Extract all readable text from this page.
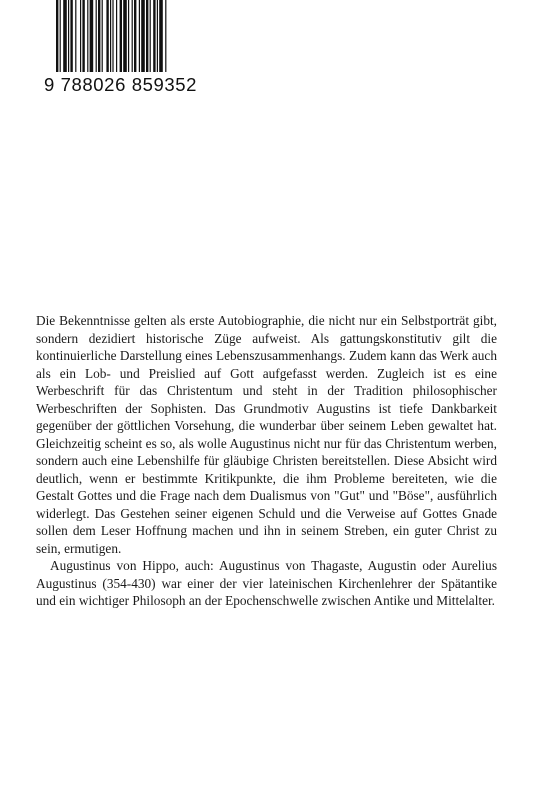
9 788026 859352

Die Bekenntnisse gelten als erste Autobiographie, die nicht nur ein Selbstporträt gibt, sondern dezidiert historische Züge aufweist. Als gattungskonstitutiv gilt die kontinuierliche Darstellung eines Lebenszusammenhangs. Zudem kann das Werk auch als ein Lob- und Preislied auf Gott aufgefasst werden. Zugleich ist es eine Werbeschrift für das Christentum und steht in der Tradition philosophischer Werbeschriften der Sophisten. Das Grundmotiv Augustins ist tiefe Dankbarkeit gegenüber der göttlichen Vorsehung, die wunderbar über seinem Leben gewaltet hat. Gleichzeitig scheint es so, als wolle Augustinus nicht nur für das Christentum werben, sondern auch eine Lebenshilfe für gläubige Christen bereitstellen. Diese Absicht wird deutlich, wenn er bestimmte Kritikpunkte, die ihm Probleme bereiteten, wie die Gestalt Gottes und die Frage nach dem Dualismus von "Gut" und "Böse", ausführlich widerlegt. Das Gestehen seiner eigenen Schuld und die Verweise auf Gottes Gnade sollen dem Leser Hoffnung machen und ihn in seinem Streben, ein guter Christ zu sein, ermutigen.

Augustinus von Hippo, auch: Augustinus von Thagaste, Augustin oder Aurelius Augustinus (354-430) war einer der vier lateinischen Kirchenlehrer der Spätantike und ein wichtiger Philosoph an der Epochenschwelle zwischen Antike und Mittelalter.
